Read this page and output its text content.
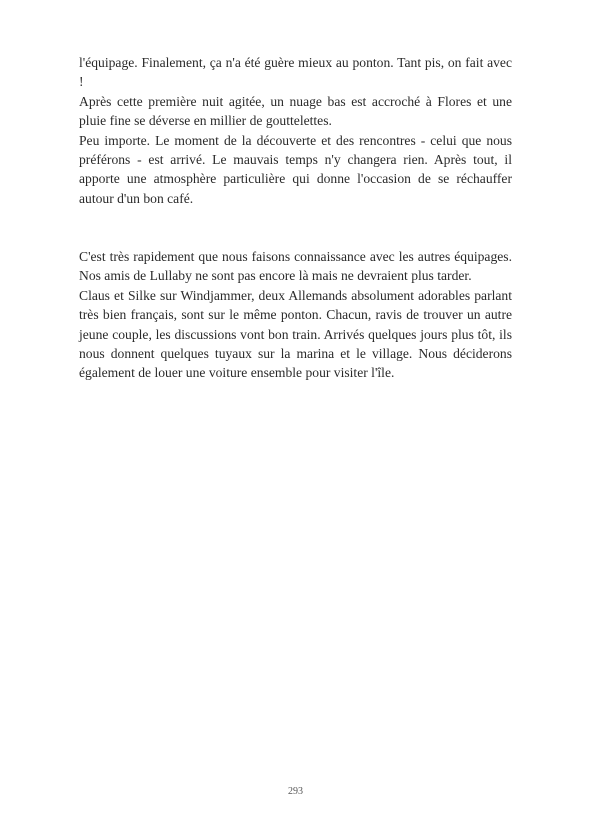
l'équipage. Finalement, ça n'a été guère mieux au ponton. Tant pis, on fait avec !

Après cette première nuit agitée, un nuage bas est accroché à Flores et une pluie fine se déverse en millier de gouttelettes.

Peu importe. Le moment de la découverte et des rencontres - celui que nous préférons - est arrivé. Le mauvais temps n'y changera rien. Après tout, il apporte une atmosphère particulière qui donne l'occasion de se réchauffer autour d'un bon café.

C'est très rapidement que nous faisons connaissance avec les autres équipages. Nos amis de Lullaby ne sont pas encore là mais ne devraient plus tarder.

Claus et Silke sur Windjammer, deux Allemands absolument adorables parlant très bien français, sont sur le même ponton. Chacun, ravis de trouver un autre jeune couple, les discussions vont bon train. Arrivés quelques jours plus tôt, ils nous donnent quelques tuyaux sur la marina et le village. Nous déciderons également de louer une voiture ensemble pour visiter l'île.

293
